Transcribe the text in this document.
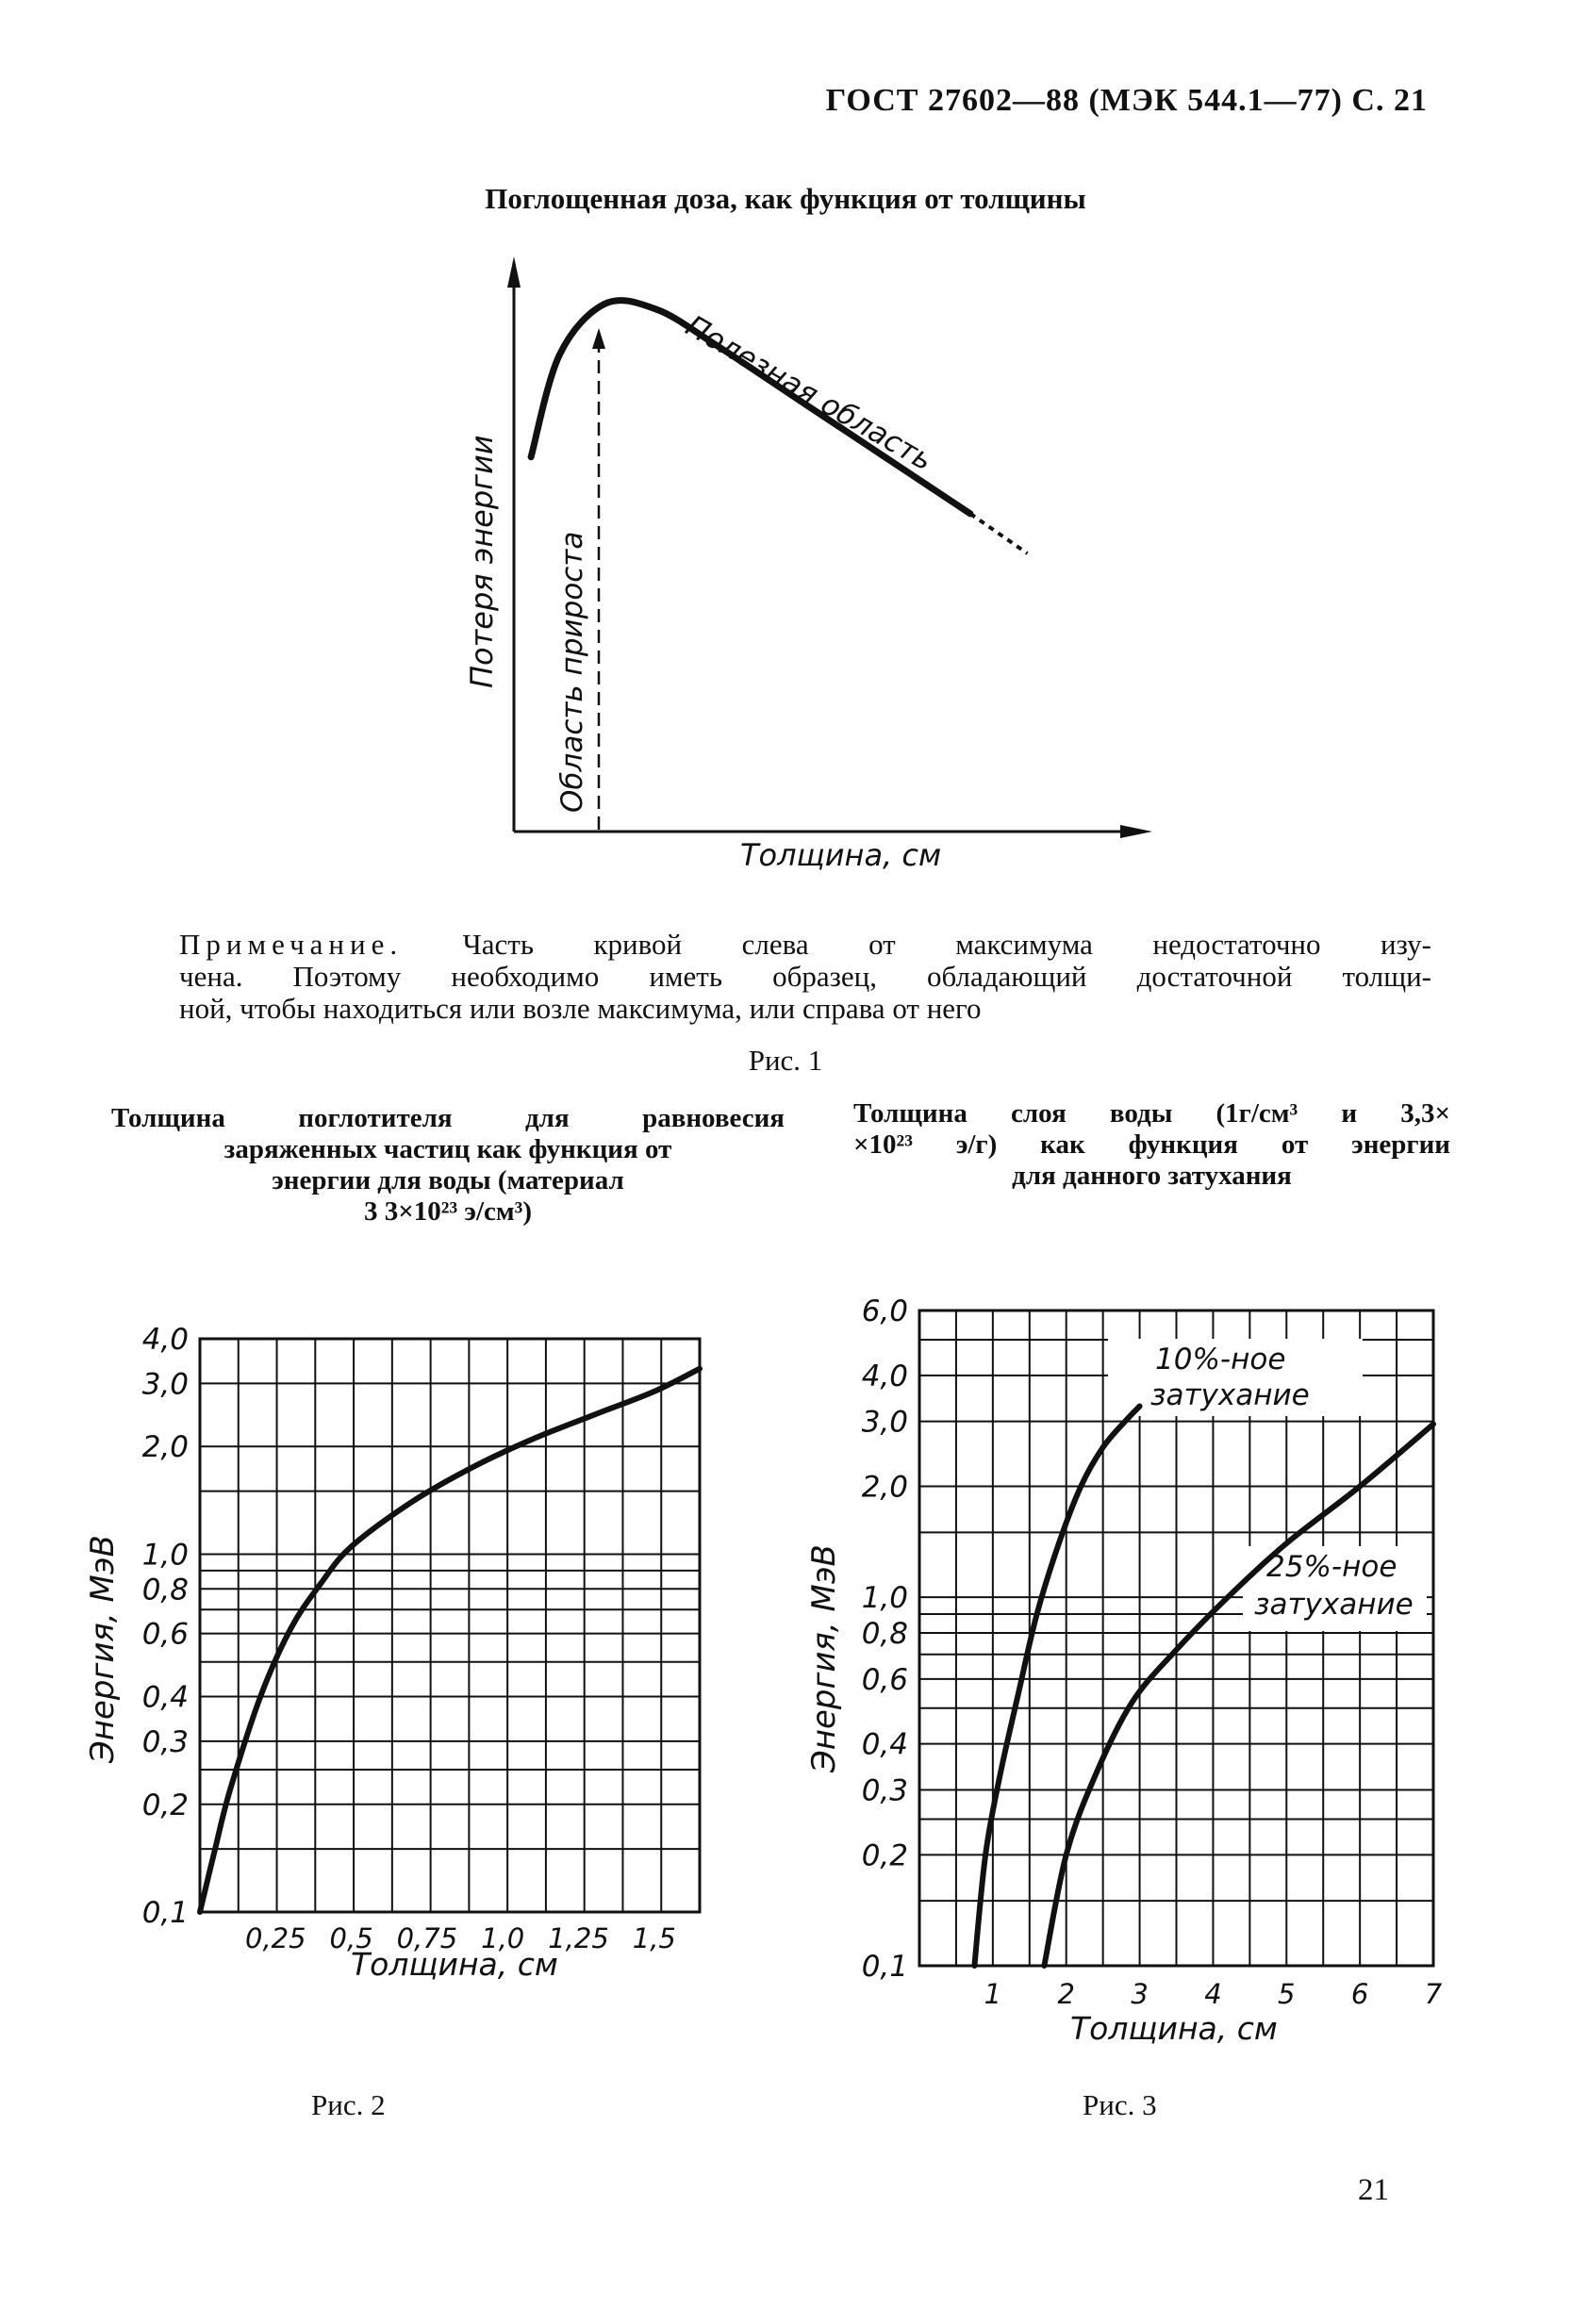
ГОСТ 27602—88 (МЭК 544.1—77) С. 21
Поглощенная доза, как функция от толщины
Потеря энергии Область прироста
Полезная область
Толщина, см
0,1
0,2
0,3
0,4
0,6
0,8
1,0
2,0
3,0
4,0
0,25 0,5 0,75 1,0 1,25 1,5
Энергия, МэВ
Толщина, см	0,1
0,2
0,3
0,4
0,6
0,8
1,0
2,0
3,0
4,0
6,0
1 2 3 4 5 6 7
10%-ное
затухание
25%-ное
затухание
Энергия, МэВ
Толщина, см

Примечание. Часть кривой слева от максимума недостаточно изу-

чена. Поэтому необходимо иметь образец, обладающий достаточной толщи-

ной, чтобы находиться или возле максимума, или справа от него

Рис. 1

Толщина поглотителя для равновесия

заряженных частиц как функция от

энергии для воды (материал

3 3×10²³ э/см³)

Толщина слоя воды (1г/см³ и 3,3×

×10²³ э/г) как функция от энергии

для данного затухания

Рис. 2	Рис. 3
21
